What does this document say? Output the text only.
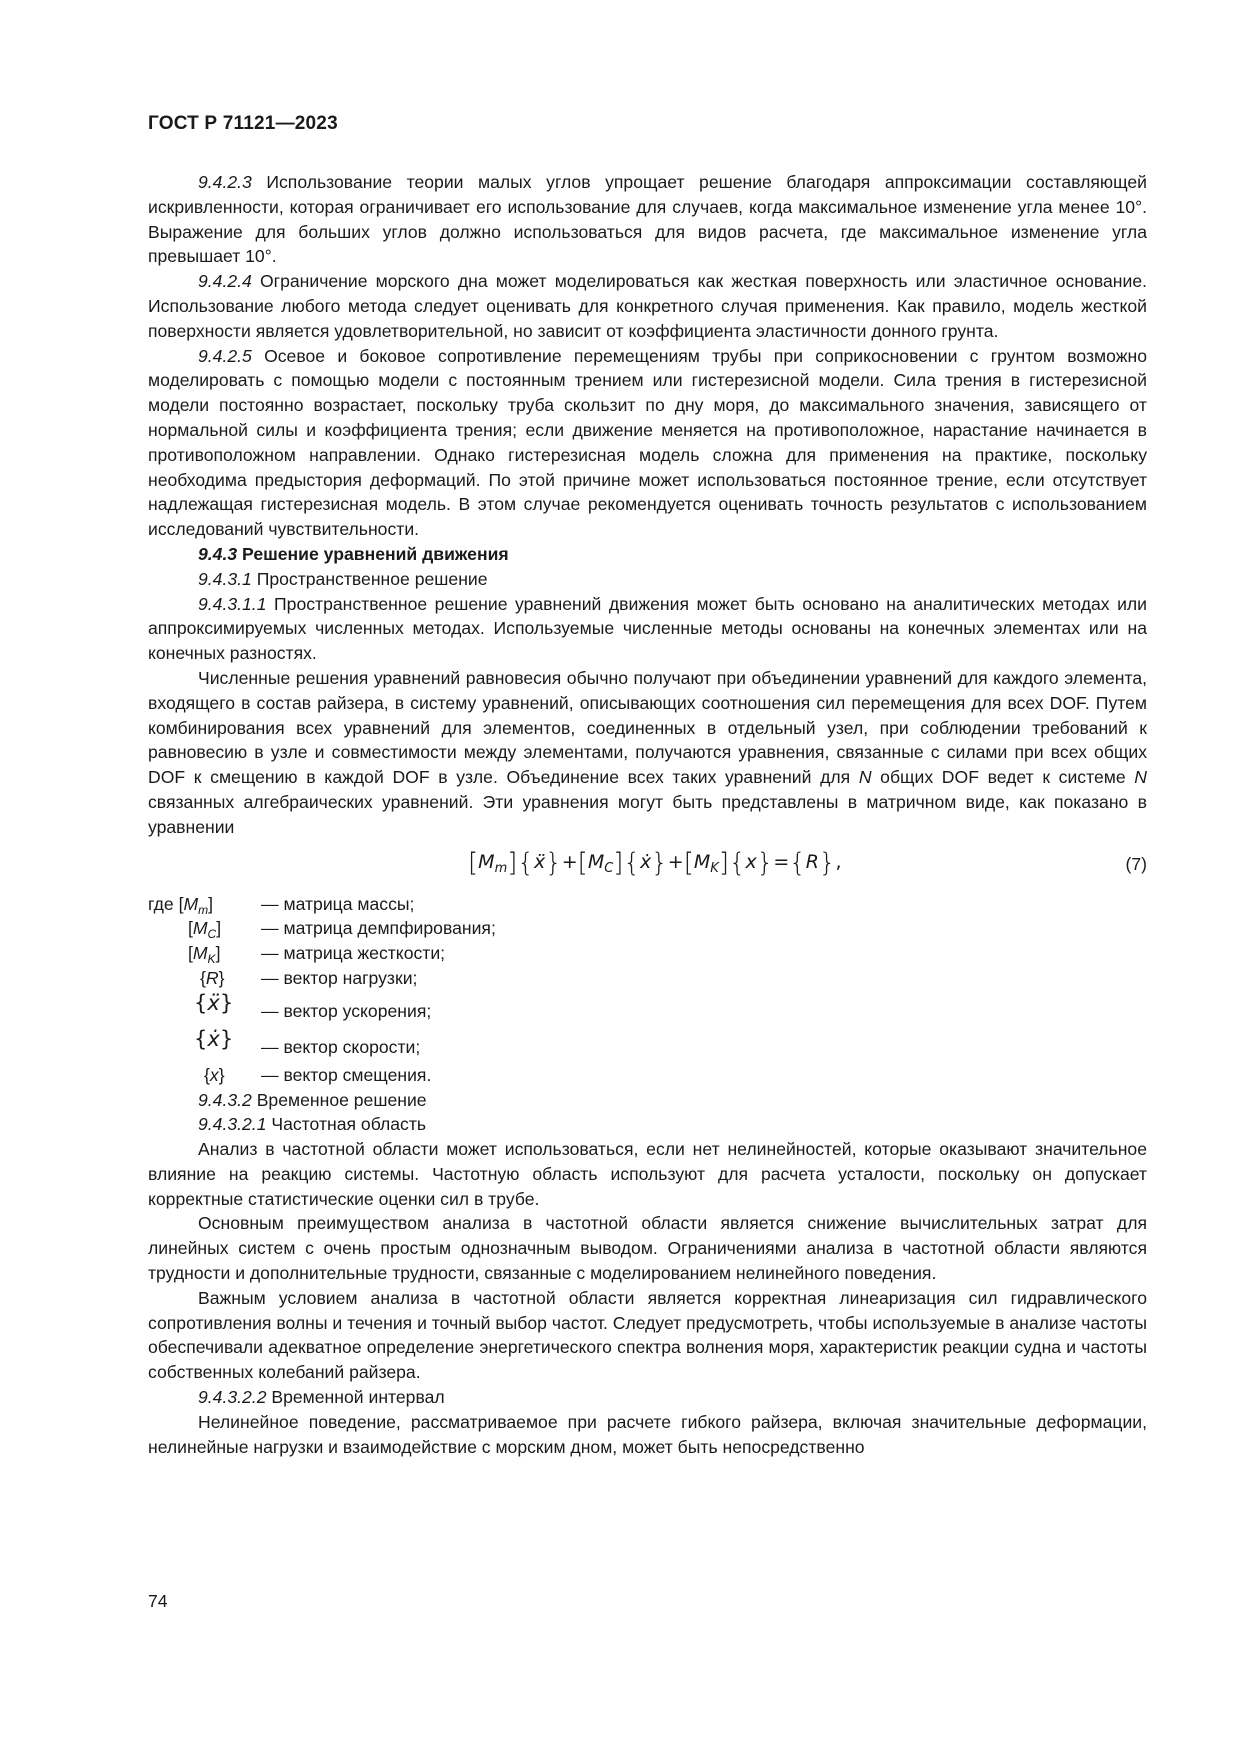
ГОСТ Р 71121—2023

9.4.2.3 Использование теории малых углов упрощает решение благодаря аппроксимации составляющей искривленности, которая ограничивает его использование для случаев, когда максимальное изменение угла менее 10°. Выражение для больших углов должно использоваться для видов расчета, где максимальное изменение угла превышает 10°.

9.4.2.4 Ограничение морского дна может моделироваться как жесткая поверхность или эластичное основание. Использование любого метода следует оценивать для конкретного случая применения. Как правило, модель жесткой поверхности является удовлетворительной, но зависит от коэффициента эластичности донного грунта.

9.4.2.5 Осевое и боковое сопротивление перемещениям трубы при соприкосновении с грунтом возможно моделировать с помощью модели с постоянным трением или гистерезисной модели. Сила трения в гистерезисной модели постоянно возрастает, поскольку труба скользит по дну моря, до максимального значения, зависящего от нормальной силы и коэффициента трения; если движение меняется на противоположное, нарастание начинается в противоположном направлении. Однако гистерезисная модель сложна для применения на практике, поскольку необходима предыстория деформаций. По этой причине может использоваться постоянное трение, если отсутствует надлежащая гистерезисная модель. В этом случае рекомендуется оценивать точность результатов с использованием исследований чувствительности.

9.4.3 Решение уравнений движения

9.4.3.1 Пространственное решение

9.4.3.1.1 Пространственное решение уравнений движения может быть основано на аналитических методах или аппроксимируемых численных методах. Используемые численные методы основаны на конечных элементах или на конечных разностях.

Численные решения уравнений равновесия обычно получают при объединении уравнений для каждого элемента, входящего в состав райзера, в систему уравнений, описывающих соотношения сил перемещения для всех DOF. Путем комбинирования всех уравнений для элементов, соединенных в отдельный узел, при соблюдении требований к равновесию в узле и совместимости между элементами, получаются уравнения, связанные с силами при всех общих DOF к смещению в каждой DOF в узле. Объединение всех таких уравнений для N общих DOF ведет к системе N связанных алгебраических уравнений. Эти уравнения могут быть представлены в матричном виде, как показано в уравнении

$[M_m]\{ẍ\}+[M_C]\{ẋ\}+[M_K]\{x\}=\{R\}$,	(7)
где $[M_m]$	— матрица массы;
$[M_C]$ — матрица демпфирования;
$[M_K]$ — матрица жесткости;
{R} — вектор нагрузки;
{ẍ} — вектор ускорения;
{ẋ} — вектор скорости;
{x} — вектор смещения.

9.4.3.2 Временное решение

9.4.3.2.1 Частотная область

Анализ в частотной области может использоваться, если нет нелинейностей, которые оказывают значительное влияние на реакцию системы. Частотную область используют для расчета усталости, поскольку он допускает корректные статистические оценки сил в трубе.

Основным преимуществом анализа в частотной области является снижение вычислительных затрат для линейных систем с очень простым однозначным выводом. Ограничениями анализа в частотной области являются трудности и дополнительные трудности, связанные с моделированием нелинейного поведения.

Важным условием анализа в частотной области является корректная линеаризация сил гидравлического сопротивления волны и течения и точный выбор частот. Следует предусмотреть, чтобы используемые в анализе частоты обеспечивали адекватное определение энергетического спектра волнения моря, характеристик реакции судна и частоты собственных колебаний райзера.

9.4.3.2.2 Временной интервал

Нелинейное поведение, рассматриваемое при расчете гибкого райзера, включая значительные деформации, нелинейные нагрузки и взаимодействие с морским дном, может быть непосредственно

74
